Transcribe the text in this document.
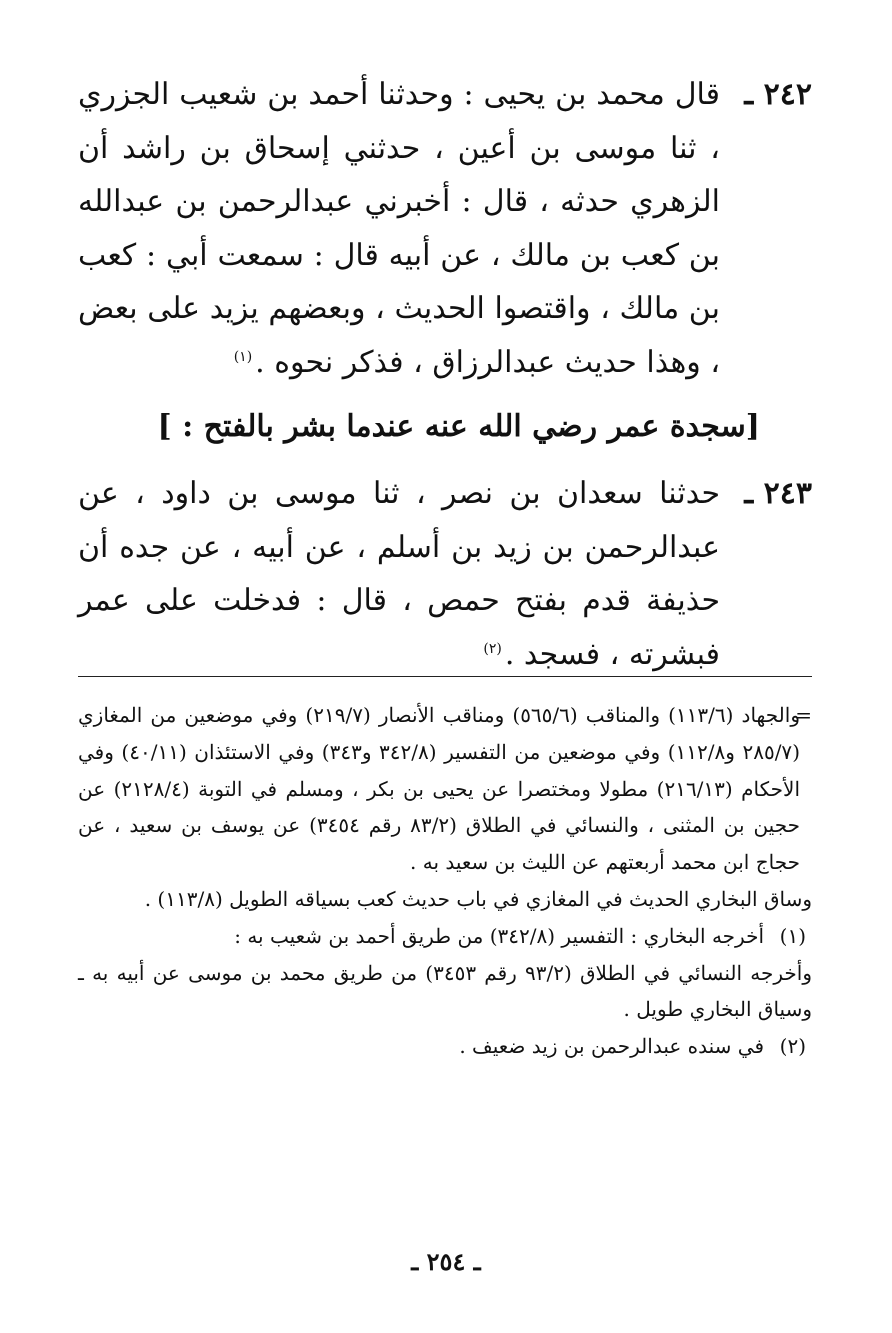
٢٤٢ ـ
قال محمد بن يحيى : وحدثنا أحمد بن شعيب الجزري ، ثنا موسى بن أعين ، حدثني إسحاق بن راشد أن الزهري حدثه ، قال : أخبرني عبدالرحمن بن عبدالله بن كعب بن مالك ، عن أبيه قال : سمعت أبي : كعب بن مالك ، واقتصوا الحديث ، وبعضهم يزيد على بعض ، وهذا حديث عبدالرزاق ، فذكر نحوه .$^{(١)}$
[سجدة عمر رضي الله عنه عندما بشر بالفتح : ]
٢٤٣ ـ
حدثنا سعدان بن نصر ، ثنا موسى بن داود ، عن عبدالرحمن بن زيد بن أسلم ، عن أبيه ، عن جده أن حذيفة قدم بفتح حمص ، قال : فدخلت على عمر فبشرته ، فسجد .$^{(٢)}$
=
والجهاد (١١٣/٦) والمناقب (٥٦٥/٦) ومناقب الأنصار (٢١٩/٧) وفي موضعين من المغازي (٢٨٥/٧ و١١٢/٨) وفي موضعين من التفسير (٣٤٢/٨ و٣٤٣) وفي الاستئذان (٤٠/١١) وفي الأحكام (٢١٦/١٣) مطولا ومختصرا عن يحيى بن بكر ، ومسلم في التوبة (٢١٢٨/٤) عن حجين بن المثنى ، والنسائي في الطلاق (٨٣/٢ رقم ٣٤٥٤) عن يوسف بن سعيد ، عن حجاج ابن محمد أربعتهم عن الليث بن سعيد به .
وساق البخاري الحديث في المغازي في باب حديث كعب بسياقه الطويل (١١٣/٨) .
(١)
أخرجه البخاري : التفسير (٣٤٢/٨) من طريق أحمد بن شعيب به :
وأخرجه النسائي في الطلاق (٩٣/٢ رقم ٣٤٥٣) من طريق محمد بن موسى عن أبيه به ـ وسياق البخاري طويل .
(٢)
في سنده عبدالرحمن بن زيد ضعيف .
ـ ٢٥٤ ـ
